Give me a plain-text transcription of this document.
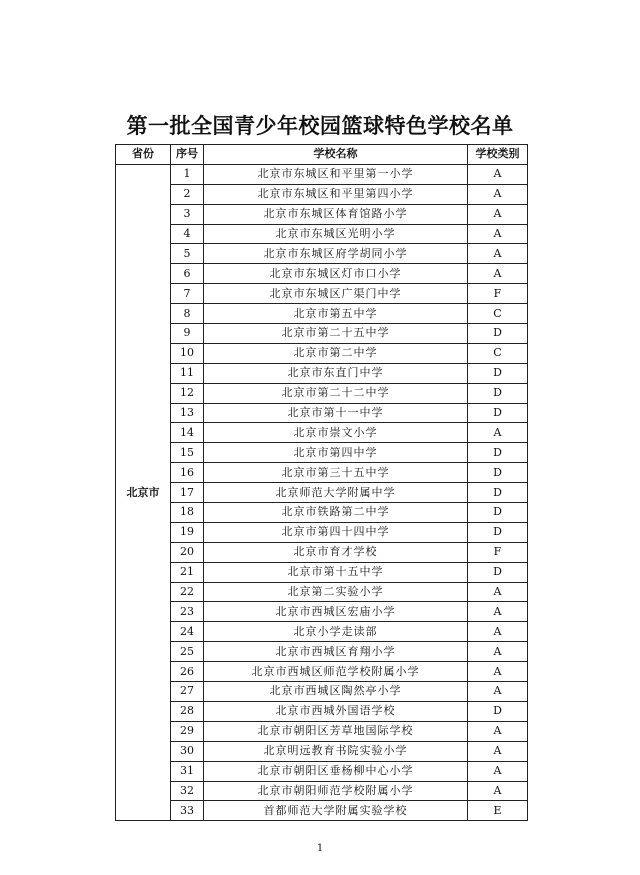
第一批全国青少年校园篮球特色学校名单
省份	序号	学校名称	学校类别
北京市	1	北京市东城区和平里第一小学	A
	2	北京市东城区和平里第四小学	A
	3	北京市东城区体育馆路小学	A
	4	北京市东城区光明小学	A
	5	北京市东城区府学胡同小学	A
	6	北京市东城区灯市口小学	A
	7	北京市东城区广渠门中学	F
	8	北京市第五中学	C
	9	北京市第二十五中学	D
	10	北京市第二中学	C
	11	北京市东直门中学	D
	12	北京市第二十二中学	D
	13	北京市第十一中学	D
	14	北京市崇文小学	A
	15	北京市第四中学	D
	16	北京市第三十五中学	D
	17	北京师范大学附属中学	D
	18	北京市铁路第二中学	D
	19	北京市第四十四中学	D
	20	北京市育才学校	F
	21	北京市第十五中学	D
	22	北京第二实验小学	A
	23	北京市西城区宏庙小学	A
	24	北京小学走读部	A
	25	北京市西城区育翔小学	A
	26	北京市西城区师范学校附属小学	A
	27	北京市西城区陶然亭小学	A
	28	北京市西城外国语学校	D
	29	北京市朝阳区芳草地国际学校	A
	30	北京明远教育书院实验小学	A
	31	北京市朝阳区垂杨柳中心小学	A
	32	北京市朝阳师范学校附属小学	A
	33	首都师范大学附属实验学校	E
1
